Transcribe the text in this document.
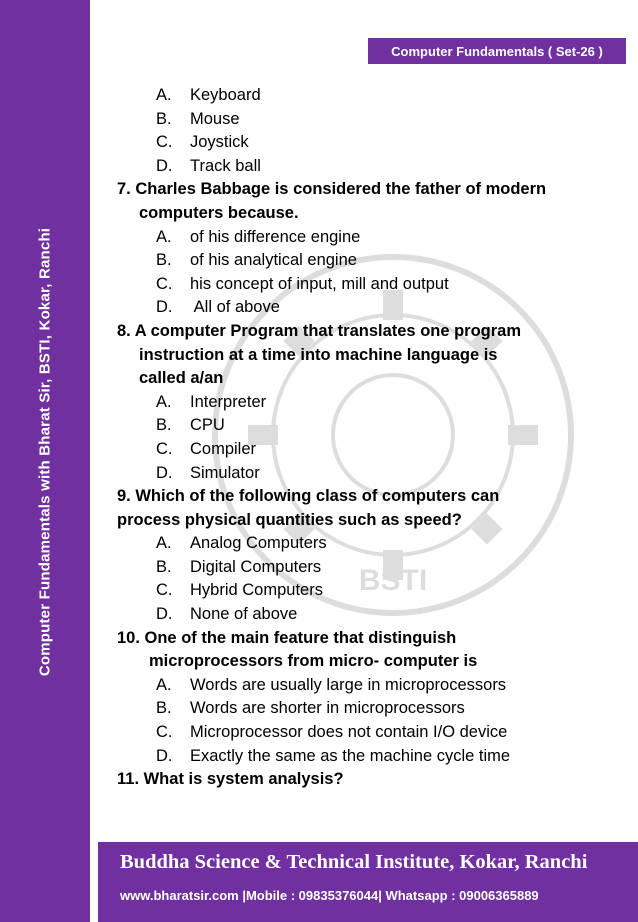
Computer Fundamentals with Bharat Sir, BSTI, Kokar, Ranchi
Computer Fundamentals ( Set-26 )
BSTI
A. Keyboard
B. Mouse
C. Joystick
D. Track ball
7. Charles Babbage is considered the father of modern
computers because.
A. of his difference engine
B. of his analytical engine
C. his concept of input, mill and output
D. All of above
8. A computer Program that translates one program
instruction at a time into machine language is
called a/an
A. Interpreter
B. CPU
C. Compiler
D. Simulator
9. Which of the following class of computers can
process physical quantities such as speed?
A. Analog Computers
B. Digital Computers
C. Hybrid Computers
D. None of above
10. One of the main feature that distinguish
microprocessors from micro- computer is
A. Words are usually large in microprocessors
B. Words are shorter in microprocessors
C. Microprocessor does not contain I/O device
D. Exactly the same as the machine cycle time
11. What is system analysis?
Buddha Science & Technical Institute, Kokar, Ranchi
www.bharatsir.com |Mobile : 09835376044| Whatsapp : 09006365889
